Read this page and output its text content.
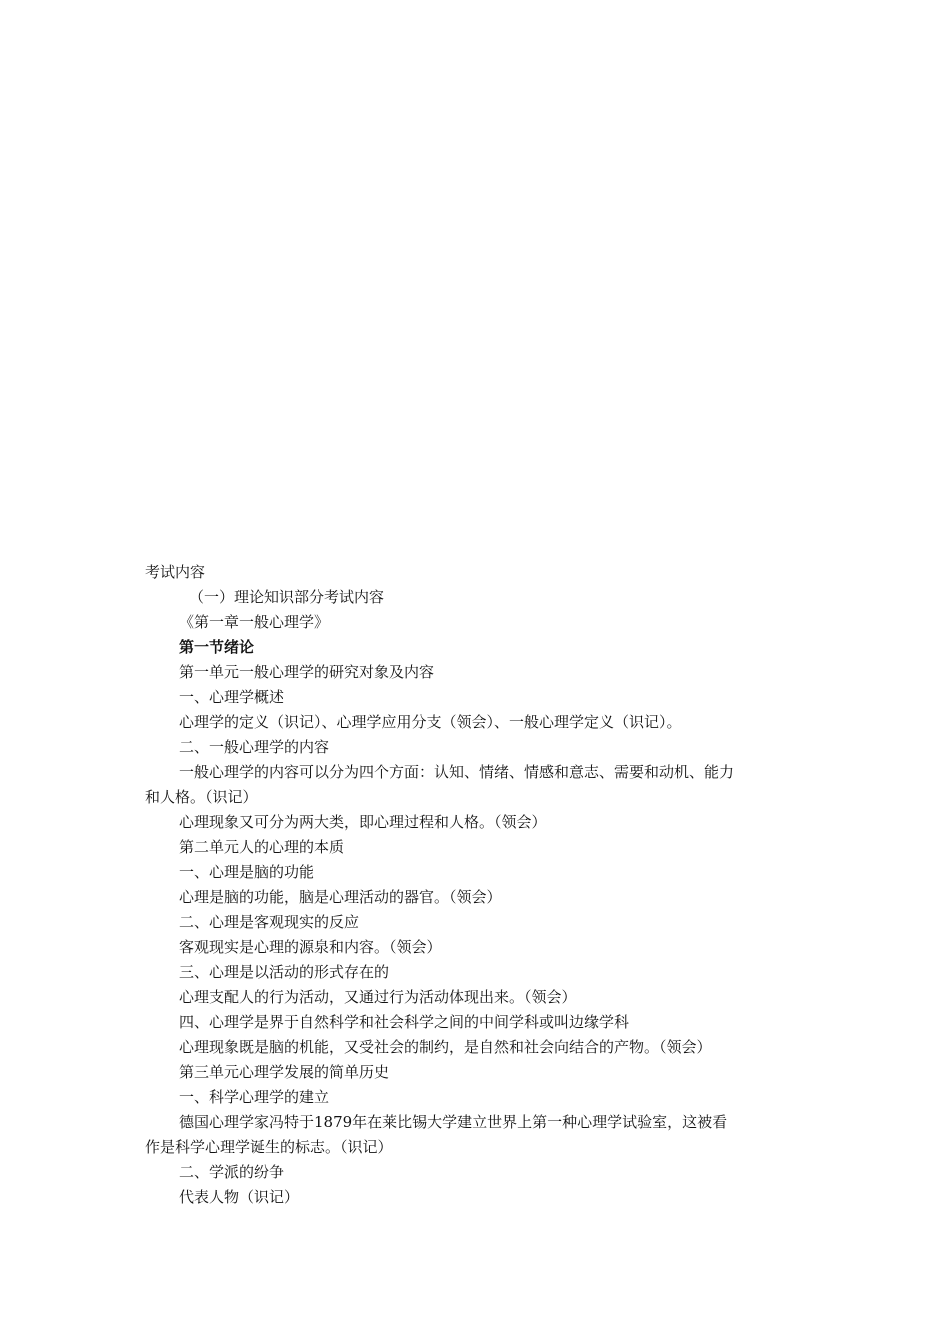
考试内容
（一）理论知识部分考试内容
《第一章一般心理学》
第一节绪论
第一单元一般心理学的研究对象及内容
一、心理学概述
心理学的定义（识记）、心理学应用分支（领会）、一般心理学定义（识记）。
二、一般心理学的内容
一般心理学的内容可以分为四个方面：认知、情绪、情感和意志、需要和动机、能力
和人格。（识记）
心理现象又可分为两大类，即心理过程和人格。（领会）
第二单元人的心理的本质
一、心理是脑的功能
心理是脑的功能，脑是心理活动的器官。（领会）
二、心理是客观现实的反应
客观现实是心理的源泉和内容。（领会）
三、心理是以活动的形式存在的
心理支配人的行为活动，又通过行为活动体现出来。（领会）
四、心理学是界于自然科学和社会科学之间的中间学科或叫边缘学科
心理现象既是脑的机能，又受社会的制约，是自然和社会向结合的产物。（领会）
第三单元心理学发展的简单历史
一、科学心理学的建立
德国心理学家冯特于1879年在莱比锡大学建立世界上第一种心理学试验室，这被看
作是科学心理学诞生的标志。（识记）
二、学派的纷争
代表人物（识记）
